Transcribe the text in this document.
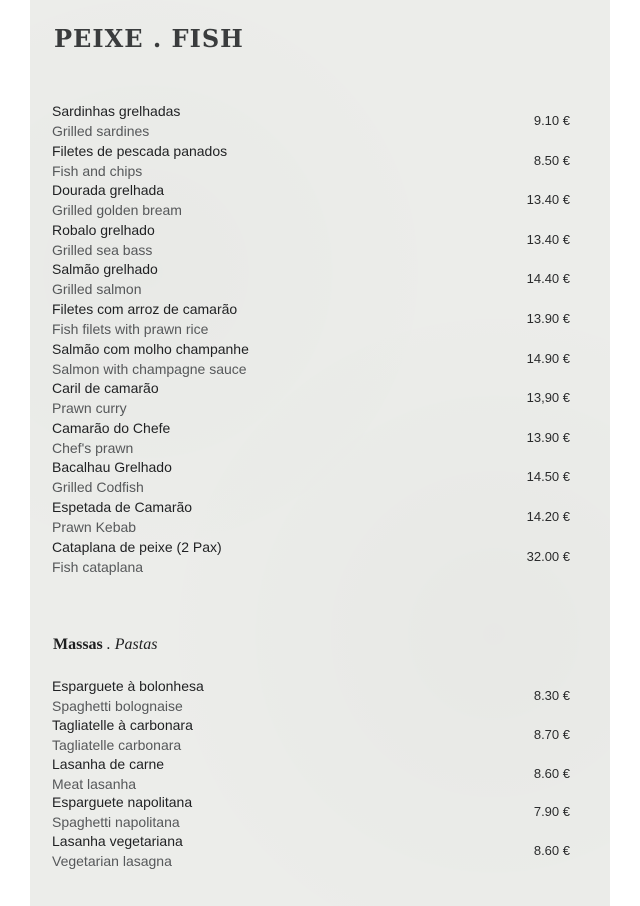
PEIXE . FISH
Sardinhas grelhadas
Grilled sardines
9.10 €
Filetes de pescada panados
Fish and chips
8.50 €
Dourada grelhada
Grilled golden bream
13.40 €
Robalo grelhado
Grilled sea bass
13.40 €
Salmão grelhado
Grilled salmon
14.40 €
Filetes com arroz de camarão
Fish filets with prawn rice
13.90 €
Salmão com molho champanhe
Salmon with champagne sauce
14.90 €
Caril de camarão
Prawn curry
13,90 €
Camarão do Chefe
Chef's prawn
13.90 €
Bacalhau Grelhado
Grilled Codfish
14.50 €
Espetada de Camarão
Prawn Kebab
14.20 €
Cataplana de peixe (2 Pax)
Fish cataplana
32.00 €
Massas . Pastas
Esparguete à bolonhesa
Spaghetti bolognaise
8.30 €
Tagliatelle à carbonara
Tagliatelle carbonara
8.70 €
Lasanha de carne
Meat lasanha
8.60 €
Esparguete napolitana
Spaghetti napolitana
7.90 €
Lasanha vegetariana
Vegetarian lasagna
8.60 €
